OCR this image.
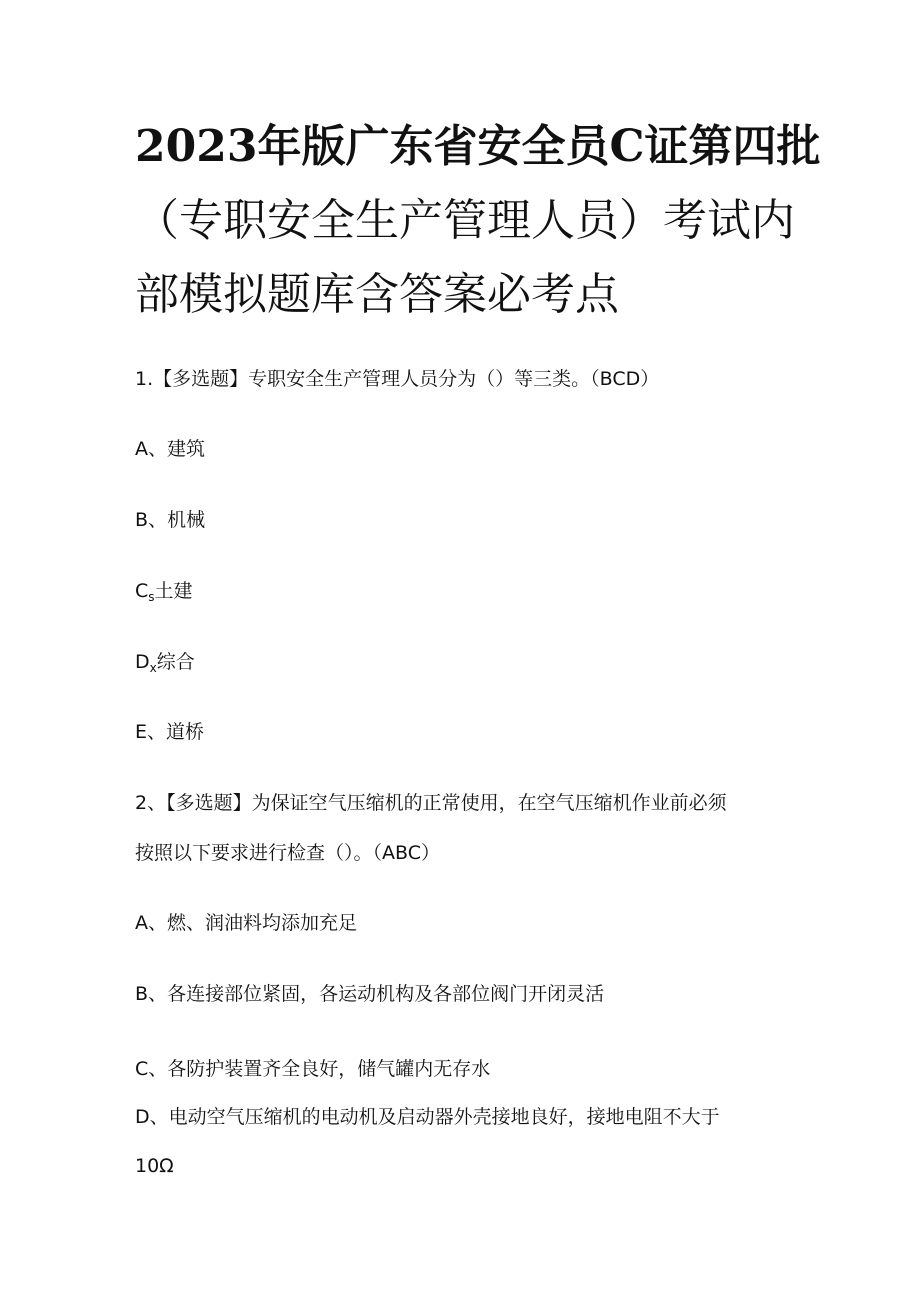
2023年版广东省安全员C证第四批
（专职安全生产管理人员）考试内
部模拟题库含答案必考点
1.【多选题】专职安全生产管理人员分为（）等三类。（BCD）
A、建筑
B、机械
$C_s$土建
$D_x$综合
E、道桥
2、【多选题】为保证空气压缩机的正常使用，在空气压缩机作业前必须
按照以下要求进行检查（）。（ABC）
A、燃、润油料均添加充足
B、各连接部位紧固，各运动机构及各部位阀门开闭灵活
C、各防护装置齐全良好，储气罐内无存水
D、电动空气压缩机的电动机及启动器外壳接地良好，接地电阻不大于
10Ω
